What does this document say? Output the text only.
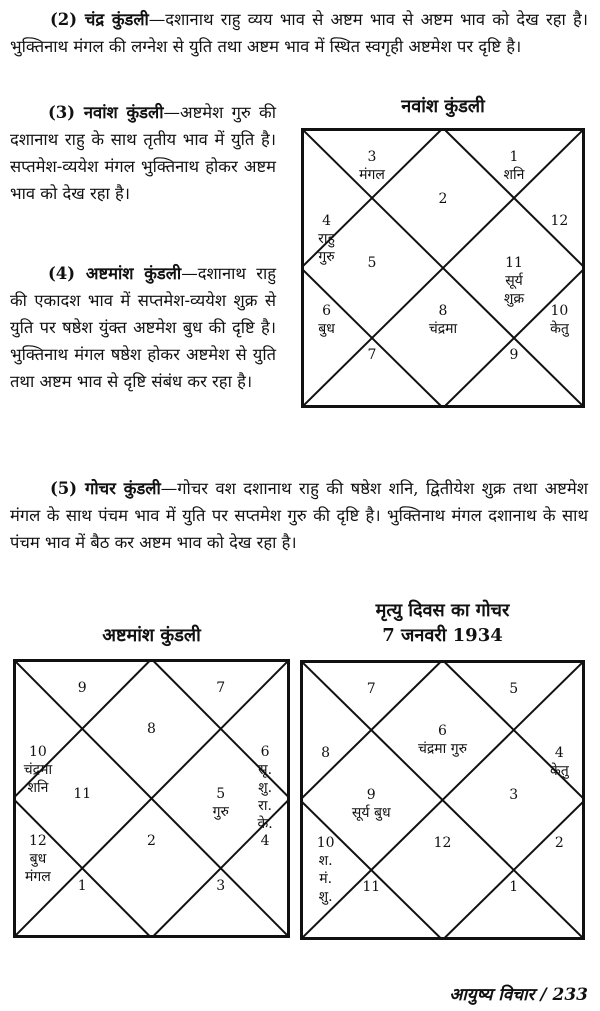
(2) चंद्र कुंडली—दशानाथ राहु व्यय भाव से अष्टम भाव से अष्टम भाव को देख रहा है। भुक्तिनाथ मंगल की लग्नेश से युति तथा अष्टम भाव में स्थित स्वगृही अष्टमेश पर दृष्टि है।
(3) नवांश कुंडली—अष्टमेश गुरु की दशानाथ राहु के साथ तृतीय भाव में युति है। सप्तमेश-व्ययेश मंगल भुक्तिनाथ होकर अष्टम भाव को देख रहा है।
(4) अष्टमांश कुंडली—दशानाथ राहु की एकादश भाव में सप्तमेश-व्ययेश शुक्र से युति पर षष्ठेश युंक्त अष्टमेश बुध की दृष्टि है। भुक्तिनाथ मंगल षष्ठेश होकर अष्टमेश से युति तथा अष्टम भाव से दृष्टि संबंध कर रहा है।
(5) गोचर कुंडली—गोचर वश दशानाथ राहु की षष्ठेश शनि, द्वितीयेश शुक्र तथा अष्टमेश मंगल के साथ पंचम भाव में युति पर सप्तमेश गुरु की दृष्टि है। भुक्तिनाथ मंगल दशानाथ के साथ पंचम भाव में बैठ कर अष्टम भाव को देख रहा है।
नवांश कुंडली
3
मंगल
2
1
शनि
4
राहु
गुरु
12
5	11
सूर्य
शुक्र
6
बुध
10
केतु
7
8
चंद्रमा
9
अष्टमांश कुंडली
9
8
7
10
चंद्रमा
शनि
6
सू.
शु.
रा.
के.
11	5
गुरु
12
बुध
मंगल
4
1
2
3
मृत्यु दिवस का गोचर
7 जनवरी 1934
7
6
चंद्रमा गुरु
5
8	4
केतु
9
सूर्य बुध
3
10
श.
मं.
शु.
2
11
12
1
आयुष्य विचार / 233
